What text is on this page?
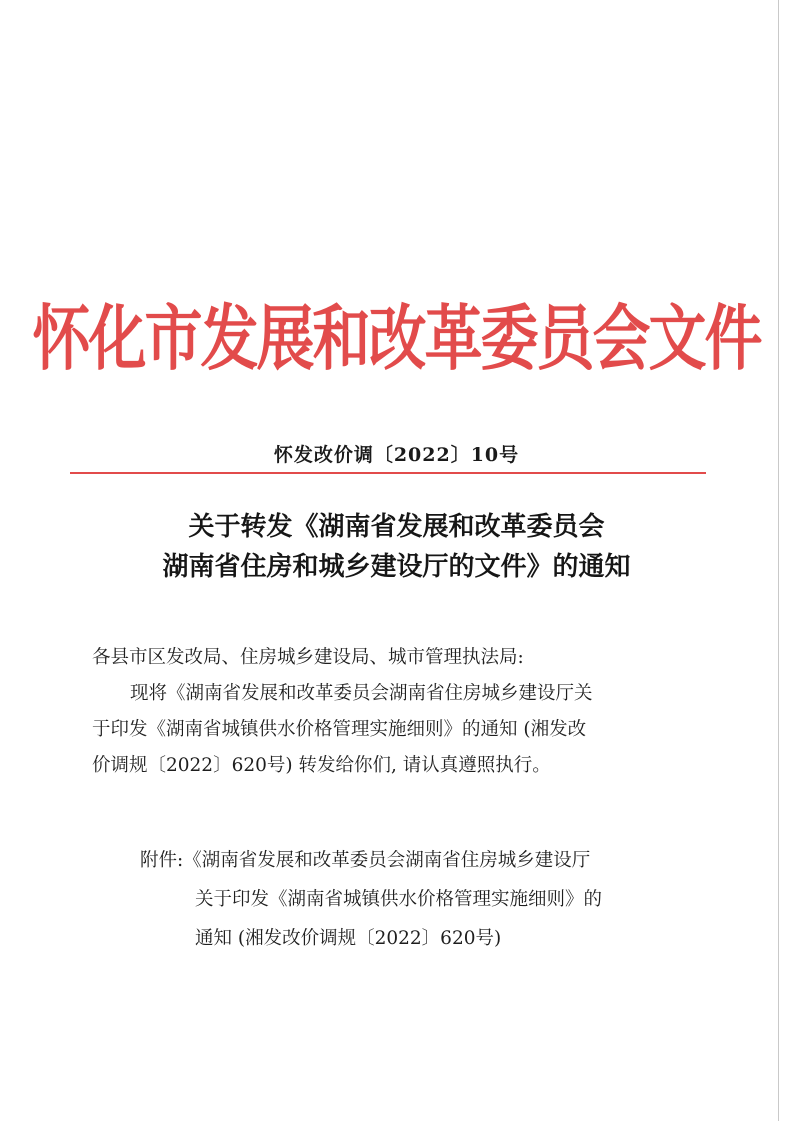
怀化市发展和改革委员会文件
怀发改价调〔2022〕10号
关于转发《湖南省发展和改革委员会
湖南省住房和城乡建设厅的文件》的通知
各县市区发改局、住房城乡建设局、城市管理执法局:
现将《湖南省发展和改革委员会湖南省住房城乡建设厅关
于印发《湖南省城镇供水价格管理实施细则》的通知 (湘发改
价调规〔2022〕620号) 转发给你们, 请认真遵照执行。
附件:《湖南省发展和改革委员会湖南省住房城乡建设厅
关于印发《湖南省城镇供水价格管理实施细则》的
通知 (湘发改价调规〔2022〕620号)
